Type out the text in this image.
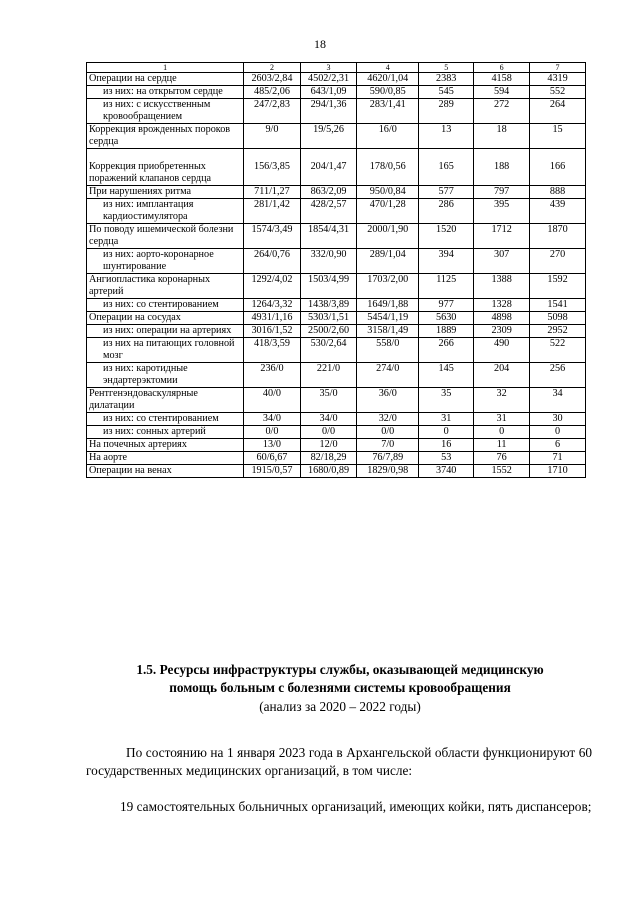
18
1	2	3	4	5	6	7
Операции на сердце	2603/2,84	4502/2,31	4620/1,04	2383	4158	4319
из них: на открытом сердце	485/2,06	643/1,09	590/0,85	545	594	552
из них: с искусственным кровообращением	247/2,83	294/1,36	283/1,41	289	272	264
Коррекция врожденных пороков сердца	9/0	19/5,26	16/0	13	18	15
Коррекция приобретенных поражений клапанов сердца	156/3,85	204/1,47	178/0,56	165	188	166
При нарушениях ритма	711/1,27	863/2,09	950/0,84	577	797	888
из них: имплантация кардиостимулятора	281/1,42	428/2,57	470/1,28	286	395	439
По поводу ишемической болезни сердца	1574/3,49	1854/4,31	2000/1,90	1520	1712	1870
из них: аорто-коронарное шунтирование	264/0,76	332/0,90	289/1,04	394	307	270
Ангиопластика коронарных артерий	1292/4,02	1503/4,99	1703/2,00	1125	1388	1592
из них: со стентированием	1264/3,32	1438/3,89	1649/1,88	977	1328	1541
Операции на сосудах	4931/1,16	5303/1,51	5454/1,19	5630	4898	5098
из них: операции на артериях	3016/1,52	2500/2,60	3158/1,49	1889	2309	2952
из них на питающих головной мозг	418/3,59	530/2,64	558/0	266	490	522
из них: каротидные эндартерэктомии	236/0	221/0	274/0	145	204	256
Рентгенэндоваскулярные дилатации	40/0	35/0	36/0	35	32	34
из них: со стентированием	34/0	34/0	32/0	31	31	30
из них: сонных артерий	0/0	0/0	0/0	0	0	0
На почечных артериях	13/0	12/0	7/0	16	11	6
На аорте	60/6,67	82/18,29	76/7,89	53	76	71
Операции на венах	1915/0,57	1680/0,89	1829/0,98	3740	1552	1710
1.5. Ресурсы инфраструктуры службы, оказывающей медицинскую
помощь больным с болезнями системы кровообращения
(анализ за 2020 – 2022 годы)
По состоянию на 1 января 2023 года в Архангельской области функционируют 60 государственных медицинских организаций, в том числе:
19 самостоятельных больничных организаций, имеющих койки, пять диспансеров;
